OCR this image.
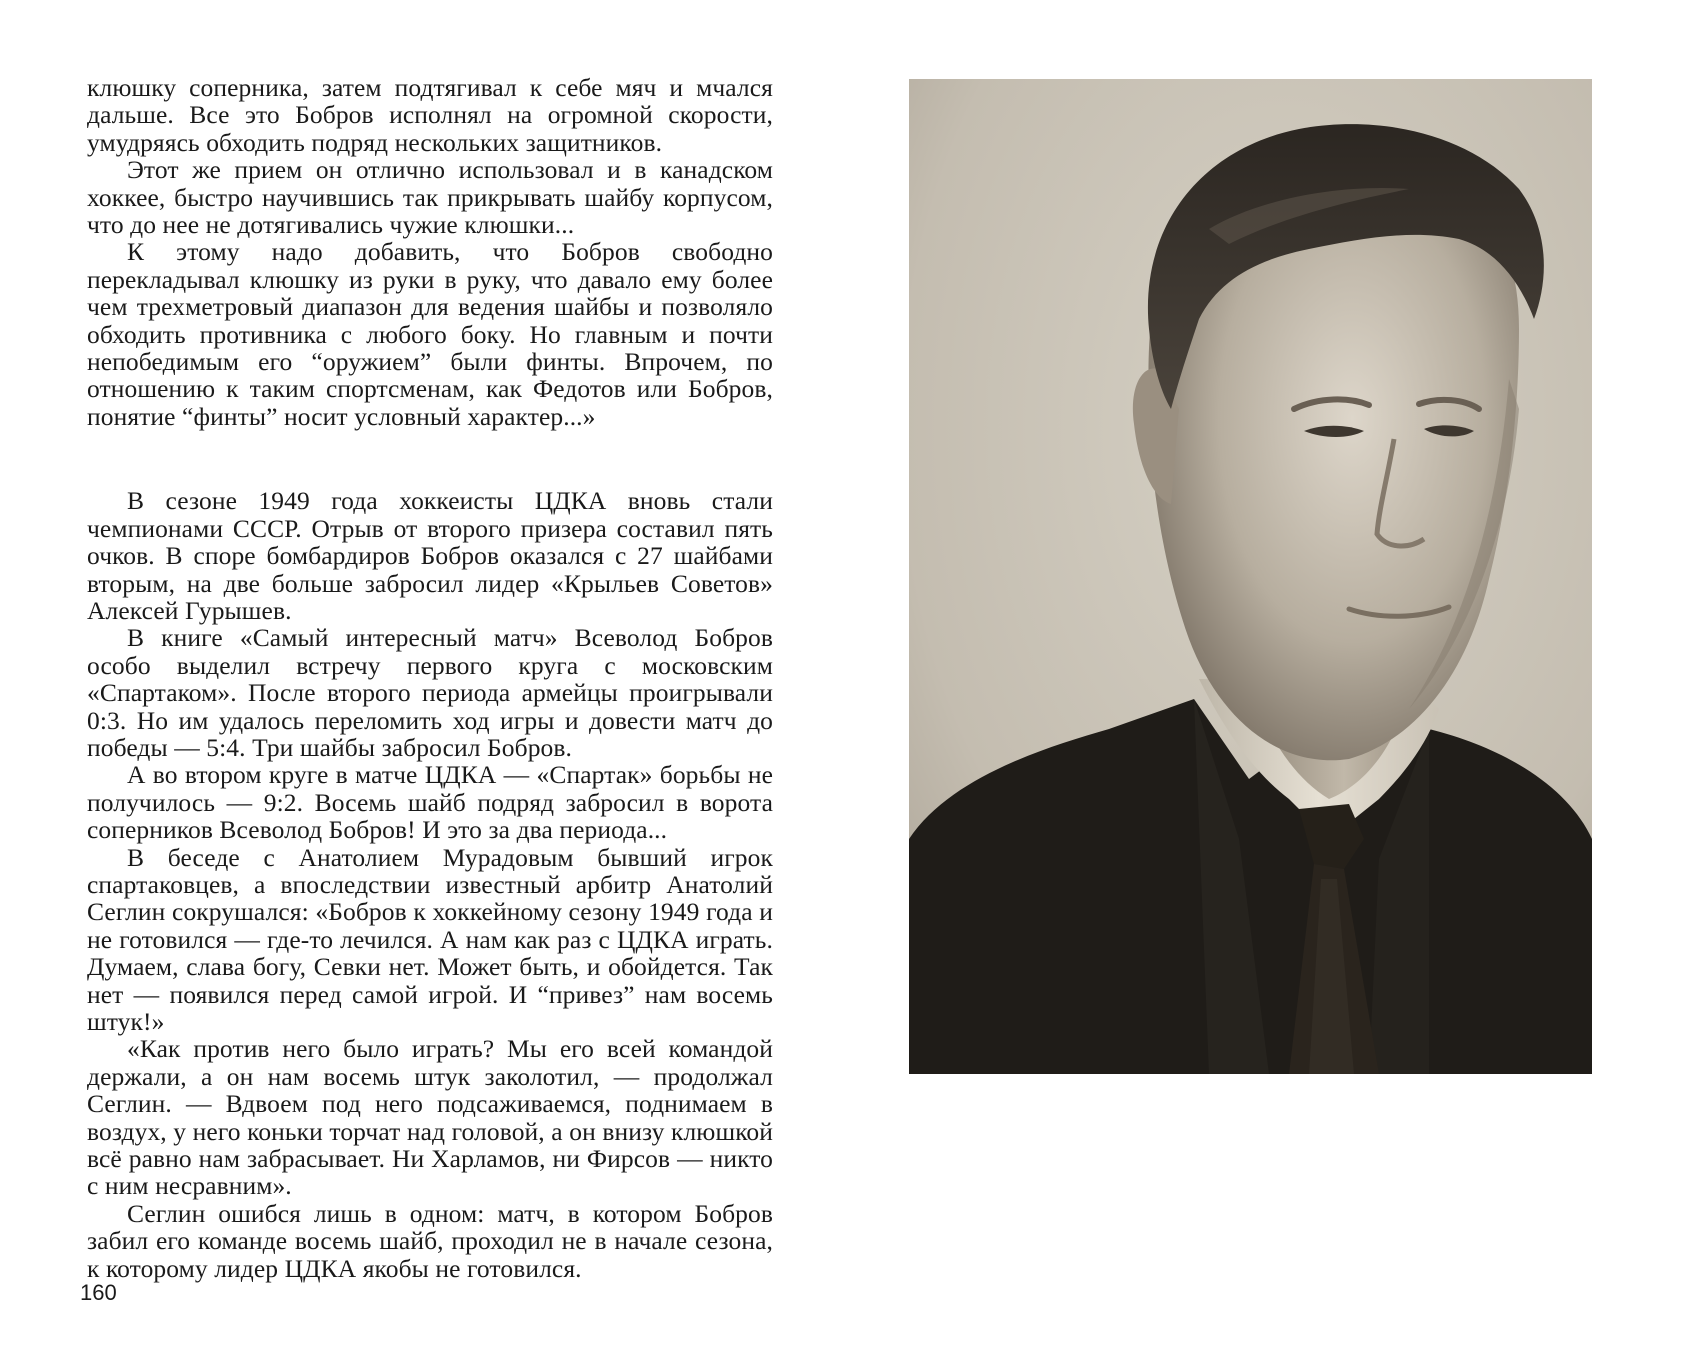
клюшку соперника, затем подтягивал к себе мяч и мчался дальше. Все это Бобров исполнял на огромной скорости, умудряясь обходить подряд нескольких защитников.

Этот же прием он отлично использовал и в канадском хоккее, быстро научившись так прикрывать шайбу корпусом, что до нее не дотягивались чужие клюшки...

К этому надо добавить, что Бобров свободно перекладывал клюшку из руки в руку, что давало ему более чем трехметровый диапазон для ведения шайбы и позволяло обходить противника с любого боку. Но главным и почти непобедимым его “оружием” были финты. Впрочем, по отношению к таким спортсменам, как Федотов или Бобров, понятие “финты” носит условный характер...»

В сезоне 1949 года хоккеисты ЦДКА вновь стали чемпионами СССР. Отрыв от второго призера составил пять очков. В споре бомбардиров Бобров оказался с 27 шайбами вторым, на две больше забросил лидер «Крыльев Советов» Алексей Гурышев.

В книге «Самый интересный матч» Всеволод Бобров особо выделил встречу первого круга с московским «Спартаком». После второго периода армейцы проигрывали 0:3. Но им удалось переломить ход игры и довести матч до победы — 5:4. Три шайбы забросил Бобров.

А во втором круге в матче ЦДКА — «Спартак» борьбы не получилось — 9:2. Восемь шайб подряд забросил в ворота соперников Всеволод Бобров! И это за два периода...

В беседе с Анатолием Мурадовым бывший игрок спартаковцев, а впоследствии известный арбитр Анатолий Сеглин сокрушался: «Бобров к хоккейному сезону 1949 года и не готовился — где-то лечился. А нам как раз с ЦДКА играть. Думаем, слава богу, Севки нет. Может быть, и обойдется. Так нет — появился перед самой игрой. И “привез” нам восемь штук!»

«Как против него было играть? Мы его всей командой держали, а он нам восемь штук заколотил, — продолжал Сеглин. — Вдвоем под него подсаживаемся, поднимаем в воздух, у него коньки торчат над головой, а он внизу клюшкой всё равно нам забрасывает. Ни Харламов, ни Фирсов — никто с ним несравним».

Сеглин ошибся лишь в одном: матч, в котором Бобров забил его команде восемь шайб, проходил не в начале сезона, к которому лидер ЦДКА якобы не готовился.

160
